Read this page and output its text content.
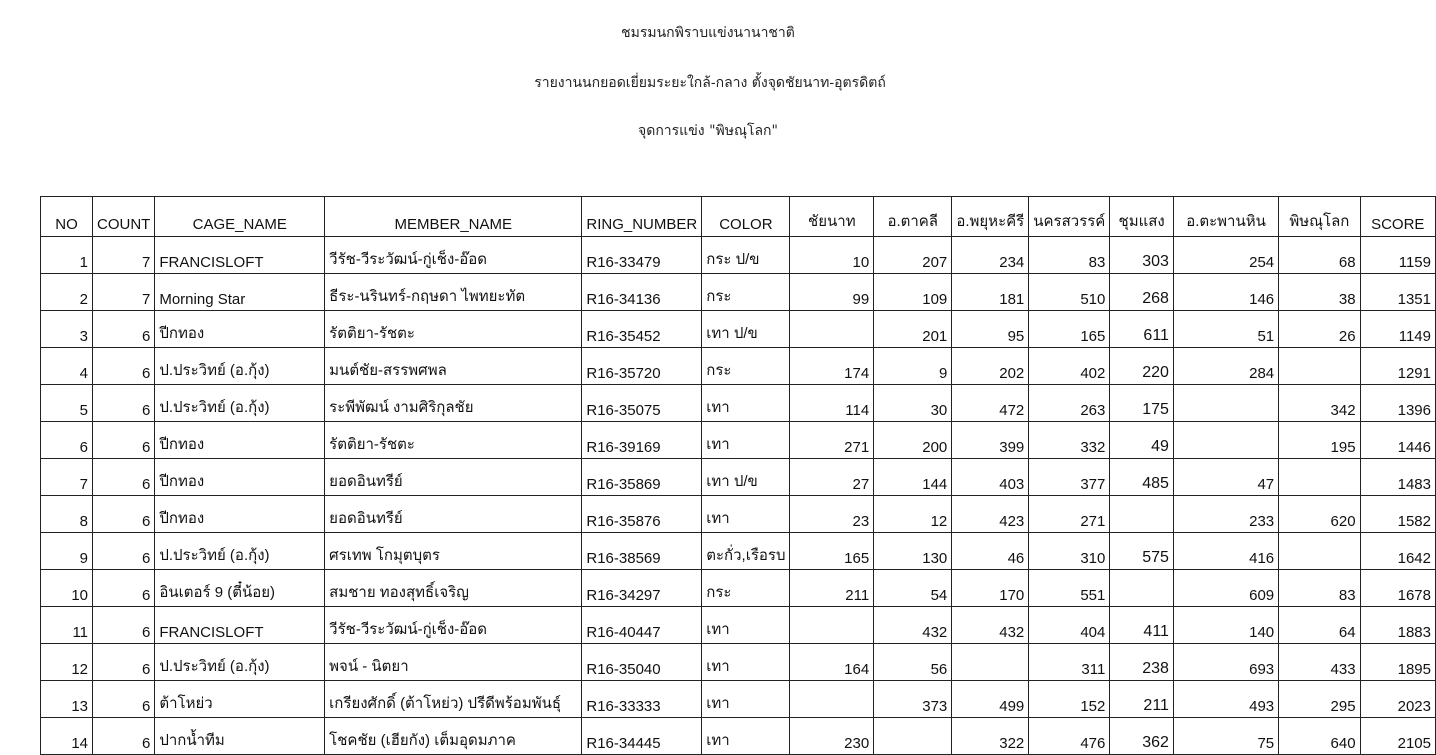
ชมรมนกพิราบแข่งนานาชาติ
รายงานนกยอดเยี่ยมระยะใกล้-กลาง ตั้งจุดชัยนาท-อุตรดิตถ์
จุดการแข่ง "พิษณุโลก"
NO	COUNT	CAGE_NAME	MEMBER_NAME	RING_NUMBER	COLOR	ชัยนาท	อ.ตาคลี	อ.พยุหะคีรี	นครสวรรค์	ชุมแสง	อ.ตะพานหิน	พิษณุโลก	SCORE
1	7	FRANCISLOFT	วีรัช-วีระวัฒน์-กู่เช็ง-อ๊อด	R16-33479	กระ ป/ข	10	207	234	83	303	254	68	1159
2	7	Morning Star	ธีระ-นรินทร์-กฤษดา ไพทยะทัต	R16-34136	กระ	99	109	181	510	268	146	38	1351
3	6	ปีกทอง	รัตติยา-รัชตะ	R16-35452	เทา ป/ข		201	95	165	611	51	26	1149
4	6	ป.ประวิทย์ (อ.กุ้ง)	มนต์ชัย-สรรพศพล	R16-35720	กระ	174	9	202	402	220	284		1291
5	6	ป.ประวิทย์ (อ.กุ้ง)	ระพีพัฒน์ งามศิริกุลชัย	R16-35075	เทา	114	30	472	263	175		342	1396
6	6	ปีกทอง	รัตติยา-รัชตะ	R16-39169	เทา	271	200	399	332	49		195	1446
7	6	ปีกทอง	ยอดอินทรีย์	R16-35869	เทา ป/ข	27	144	403	377	485	47		1483
8	6	ปีกทอง	ยอดอินทรีย์	R16-35876	เทา	23	12	423	271		233	620	1582
9	6	ป.ประวิทย์ (อ.กุ้ง)	ศรเทพ โกมุตบุตร	R16-38569	ตะกั่ว,เรือรบ	165	130	46	310	575	416		1642
10	6	อินเตอร์ 9 (ตี๋น้อย)	สมชาย ทองสุทธิ์เจริญ	R16-34297	กระ	211	54	170	551		609	83	1678
11	6	FRANCISLOFT	วีรัช-วีระวัฒน์-กู่เช็ง-อ๊อด	R16-40447	เทา		432	432	404	411	140	64	1883
12	6	ป.ประวิทย์ (อ.กุ้ง)	พจน์ - นิตยา	R16-35040	เทา	164	56		311	238	693	433	1895
13	6	ต้าโหย่ว	เกรียงศักดิ์ (ต้าโหย่ว) ปรีดีพร้อมพันธุ์	R16-33333	เทา		373	499	152	211	493	295	2023
14	6	ปากน้ำทีม	โชคชัย (เฮียกัง) เต็มอุดมภาค	R16-34445	เทา	230		322	476	362	75	640	2105
